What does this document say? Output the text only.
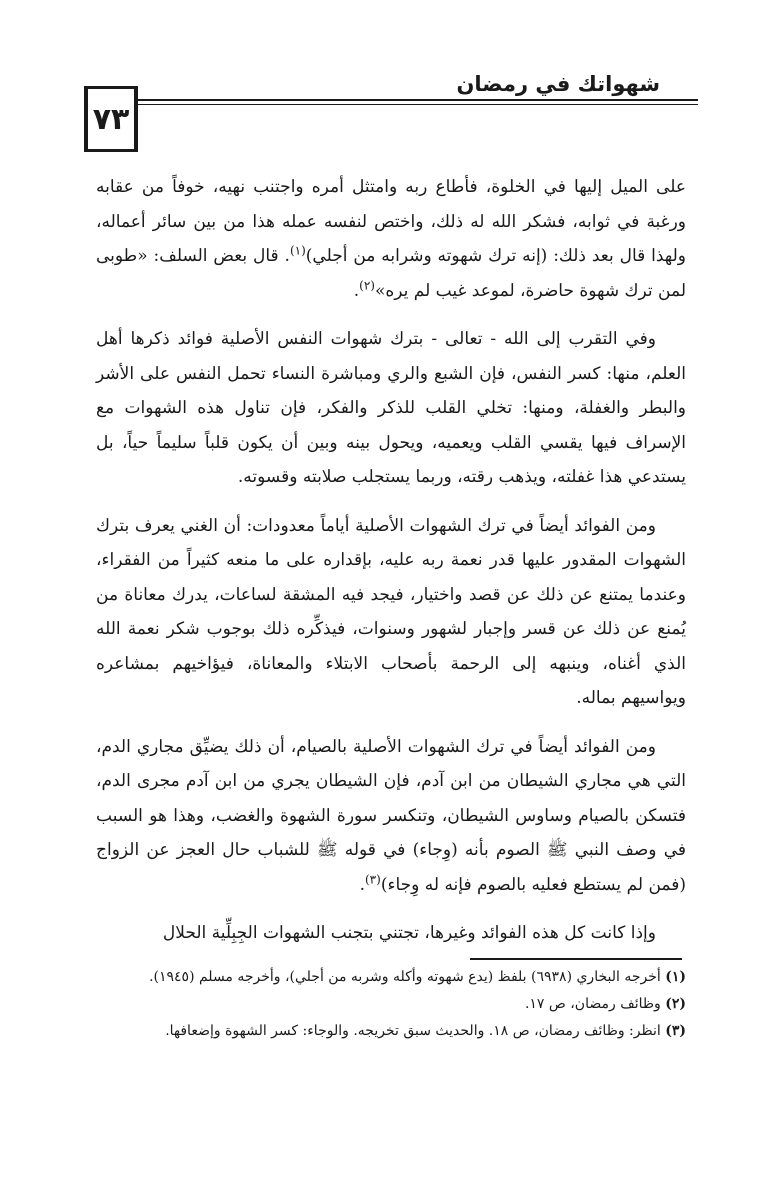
شهواتك في رمضان
٧٣

على الميل إليها في الخلوة، فأطاع ربه وامتثل أمره واجتنب نهيه، خوفاً من عقابه ورغبة في ثوابه، فشكر الله له ذلك، واختص لنفسه عمله هذا من بين سائر أعماله، ولهذا قال بعد ذلك: (إنه ترك شهوته وشرابه من أجلي)$^{(١)}$. قال بعض السلف: «طوبى لمن ترك شهوة حاضرة، لموعد غيب لم يره»$^{(٢)}$.

وفي التقرب إلى الله - تعالى - بترك شهوات النفس الأصلية فوائد ذكرها أهل العلم، منها: كسر النفس، فإن الشبع والري ومباشرة النساء تحمل النفس على الأشر والبطر والغفلة، ومنها: تخلي القلب للذكر والفكر، فإن تناول هذه الشهوات مع الإسراف فيها يقسي القلب ويعميه، ويحول بينه وبين أن يكون قلباً سليماً حياً، بل يستدعي هذا غفلته، ويذهب رقته، وربما يستجلب صلابته وقسوته.

ومن الفوائد أيضاً في ترك الشهوات الأصلية أياماً معدودات: أن الغني يعرف بترك الشهوات المقدور عليها قدر نعمة ربه عليه، بإقداره على ما منعه كثيراً من الفقراء، وعندما يمتنع عن ذلك عن قصد واختيار، فيجد فيه المشقة لساعات، يدرك معاناة من يُمنع عن ذلك عن قسر وإجبار لشهور وسنوات، فيذكِّره ذلك بوجوب شكر نعمة الله الذي أغناه، وينبهه إلى الرحمة بأصحاب الابتلاء والمعاناة، فيؤاخيهم بمشاعره ويواسيهم بماله.

ومن الفوائد أيضاً في ترك الشهوات الأصلية بالصيام، أن ذلك يضيِّق مجاري الدم، التي هي مجاري الشيطان من ابن آدم، فإن الشيطان يجري من ابن آدم مجرى الدم، فتسكن بالصيام وساوس الشيطان، وتنكسر سورة الشهوة والغضب، وهذا هو السبب في وصف النبي ﷺ الصوم بأنه (وِجاء) في قوله ﷺ للشباب حال العجز عن الزواج (فمن لم يستطع فعليه بالصوم فإنه له وِجاء)$^{(٣)}$.

وإذا كانت كل هذه الفوائد وغيرها، تجتني بتجنب الشهوات الجِبِلِّية الحلال

(١) أخرجه البخاري (٦٩٣٨) بلفظ (يدع شهوته وأكله وشربه من أجلي)، وأخرجه مسلم (١٩٤٥).

(٢) وظائف رمضان، ص ١٧.

(٣) انظر: وظائف رمضان، ص ١٨. والحديث سبق تخريجه. والوجاء: كسر الشهوة وإضعافها.
